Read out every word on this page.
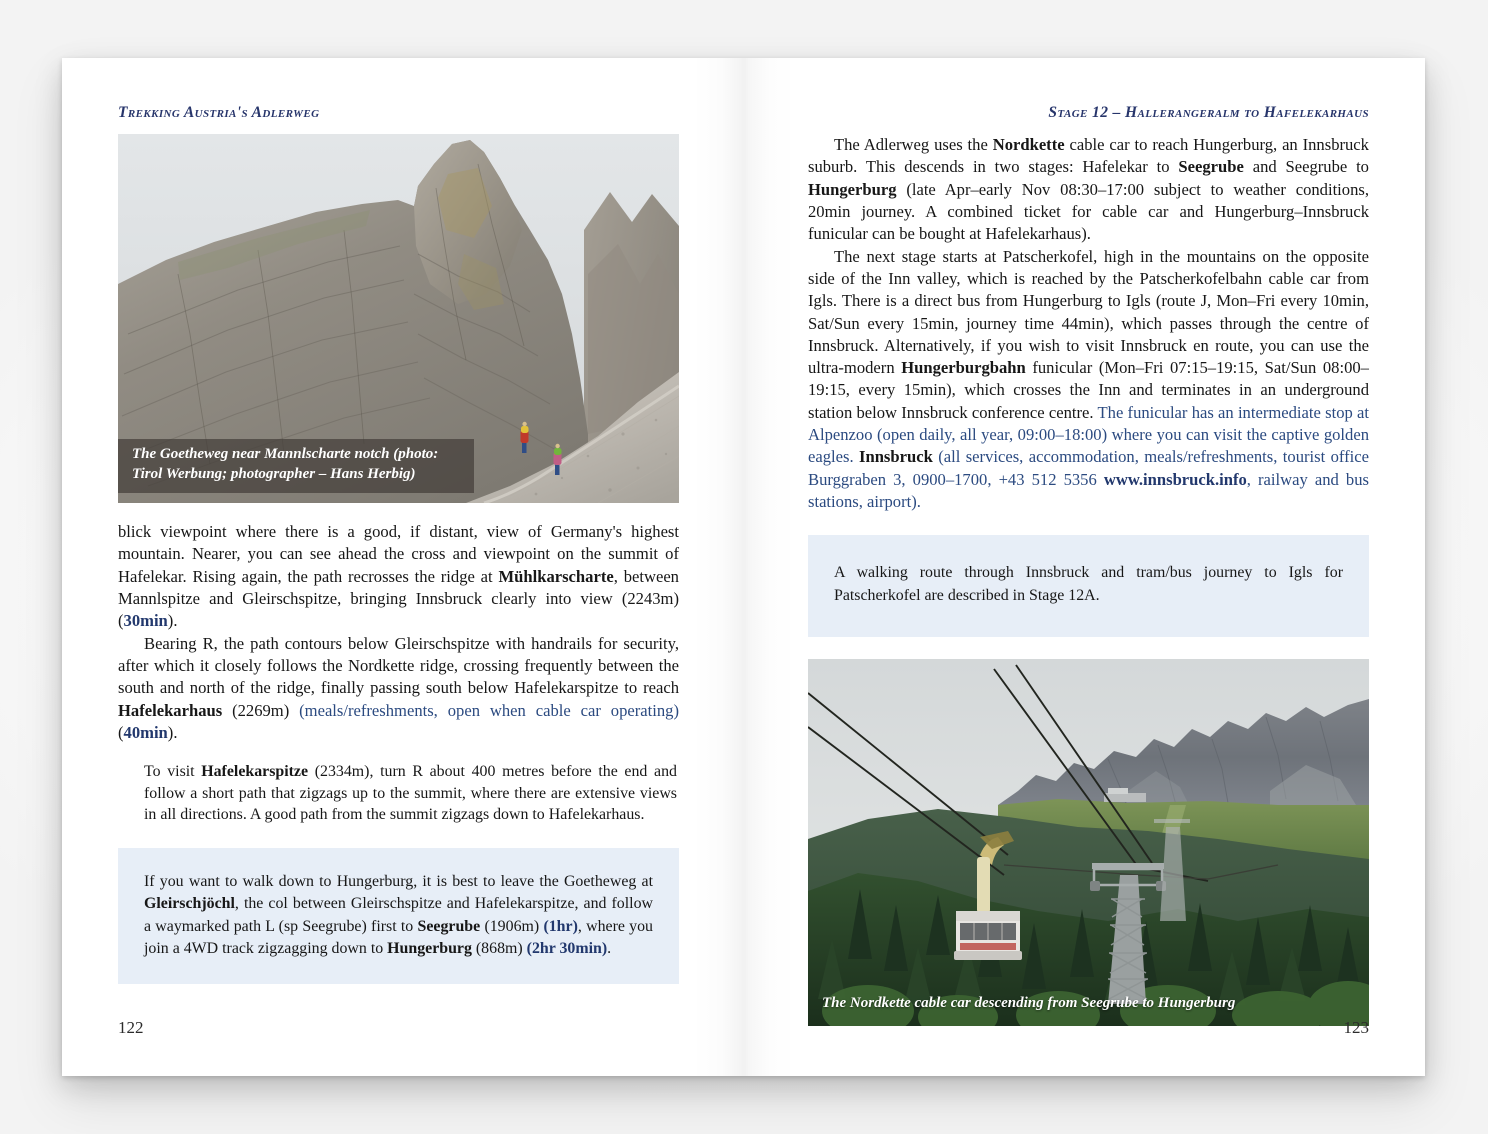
Trekking Austria's Adlerweg
The Goetheweg near Mannlscharte notch (photo: Tirol Werbung; photographer – Hans Herbig)

blick viewpoint where there is a good, if distant, view of Germany's highest mountain. Nearer, you can see ahead the cross and viewpoint on the summit of Hafelekar. Rising again, the path recrosses the ridge at Mühlkarscharte, between Mannlspitze and Gleirschspitze, bringing Innsbruck clearly into view (2243m) (30min).

Bearing R, the path contours below Gleirschspitze with handrails for security, after which it closely follows the Nordkette ridge, crossing frequently between the south and north of the ridge, finally passing south below Hafelekarspitze to reach Hafelekarhaus (2269m) (meals/refreshments, open when cable car operating) (40min).

To visit Hafelekarspitze (2334m), turn R about 400 metres before the end and follow a short path that zigzags up to the summit, where there are extensive views in all directions. A good path from the summit zigzags down to Hafelekarhaus.

If you want to walk down to Hungerburg, it is best to leave the Goetheweg at Gleirschjöchl, the col between Gleirschspitze and Hafelekarspitze, and follow a waymarked path L (sp Seegrube) first to Seegrube (1906m) (1hr), where you join a 4WD track zigzagging down to Hungerburg (868m) (2hr 30min).
122
Stage 12 – Hallerangeralm to Hafelekarhaus

The Adlerweg uses the Nordkette cable car to reach Hungerburg, an Innsbruck suburb. This descends in two stages: Hafelekar to Seegrube and Seegrube to Hungerburg (late Apr–early Nov 08:30–17:00 subject to weather conditions, 20min journey. A combined ticket for cable car and Hungerburg–Innsbruck funicular can be bought at Hafelekarhaus).

The next stage starts at Patscherkofel, high in the mountains on the opposite side of the Inn valley, which is reached by the Patscherkofelbahn cable car from Igls. There is a direct bus from Hungerburg to Igls (route J, Mon–Fri every 10min, Sat/Sun every 15min, journey time 44min), which passes through the centre of Innsbruck. Alternatively, if you wish to visit Innsbruck en route, you can use the ultra-modern Hungerburgbahn funicular (Mon–Fri 07:15–19:15, Sat/Sun 08:00–19:15, every 15min), which crosses the Inn and terminates in an underground station below Innsbruck conference centre. The funicular has an intermediate stop at Alpenzoo (open daily, all year, 09:00–18:00) where you can visit the captive golden eagles. Innsbruck (all services, accommodation, meals/refreshments, tourist office Burggraben 3, 0900–1700, +43 512 5356 www.innsbruck.info, railway and bus stations, airport).

A walking route through Innsbruck and tram/bus journey to Igls for Patscherkofel are described in Stage 12A.
The Nordkette cable car descending from Seegrube to Hungerburg
123
